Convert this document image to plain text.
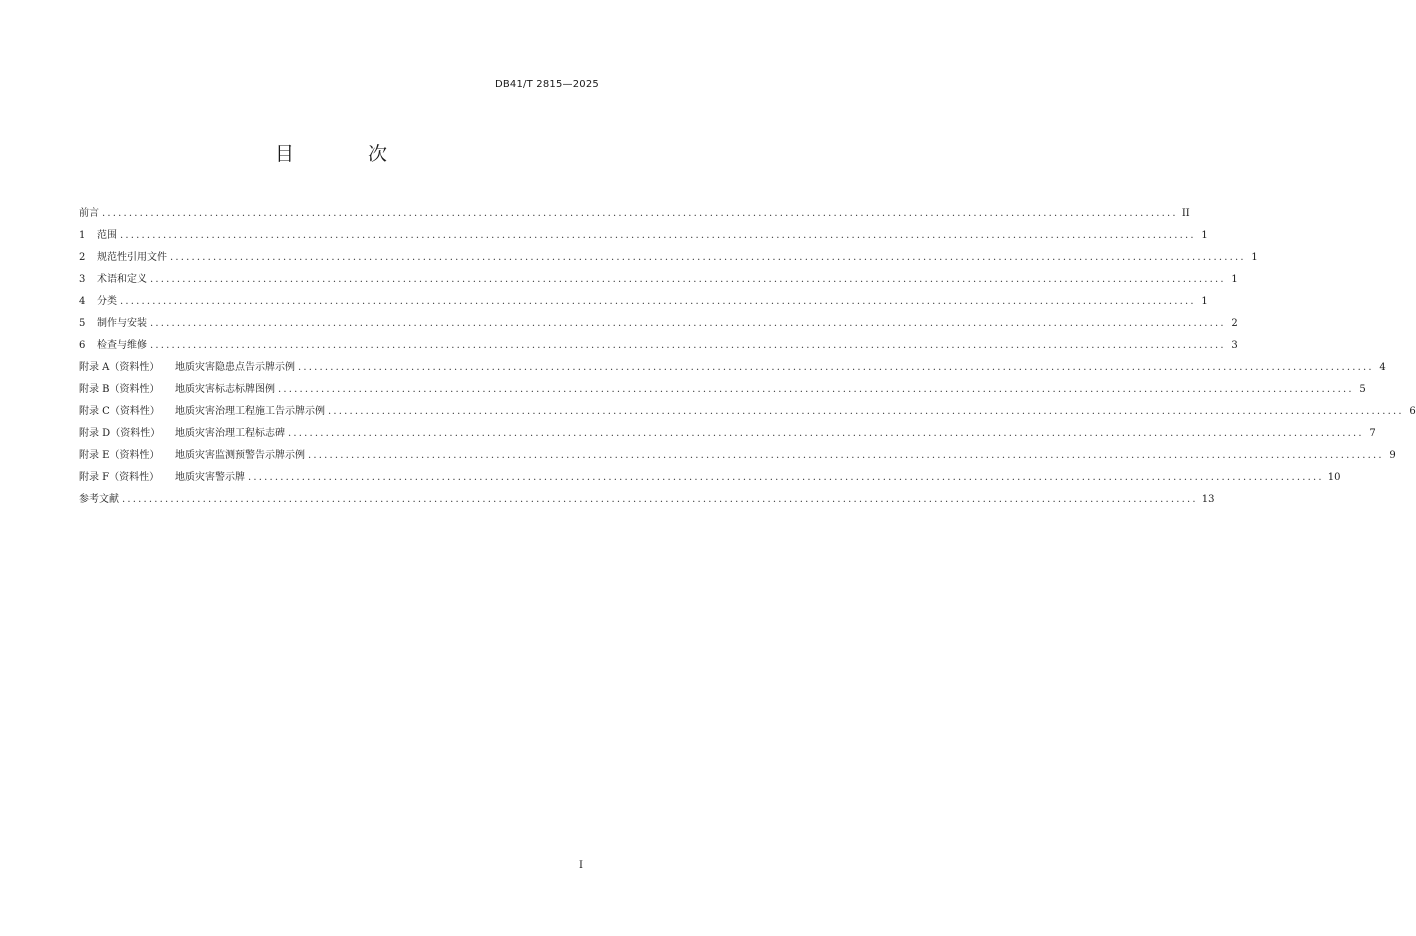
DB41/T 2815—2025
目 次
前言 ........................................................................................................................................................................................................ II
1 范围 ........................................................................................................................................................................................................ 1
2 规范性引用文件 ........................................................................................................................................................................................................ 1
3 术语和定义 ........................................................................................................................................................................................................ 1
4 分类 ........................................................................................................................................................................................................ 1
5 制作与安装 ........................................................................................................................................................................................................ 2
6 检查与维修 ........................................................................................................................................................................................................ 3
附录 A（资料性） 地质灾害隐患点告示牌示例 ........................................................................................................................................................................................................ 4
附录 B（资料性） 地质灾害标志标牌图例 ........................................................................................................................................................................................................ 5
附录 C（资料性） 地质灾害治理工程施工告示牌示例 ........................................................................................................................................................................................................ 6
附录 D（资料性） 地质灾害治理工程标志碑 ........................................................................................................................................................................................................ 7
附录 E（资料性） 地质灾害监测预警告示牌示例 ........................................................................................................................................................................................................ 9
附录 F（资料性） 地质灾害警示牌 ........................................................................................................................................................................................................ 10
参考文献 ........................................................................................................................................................................................................ 13
I
